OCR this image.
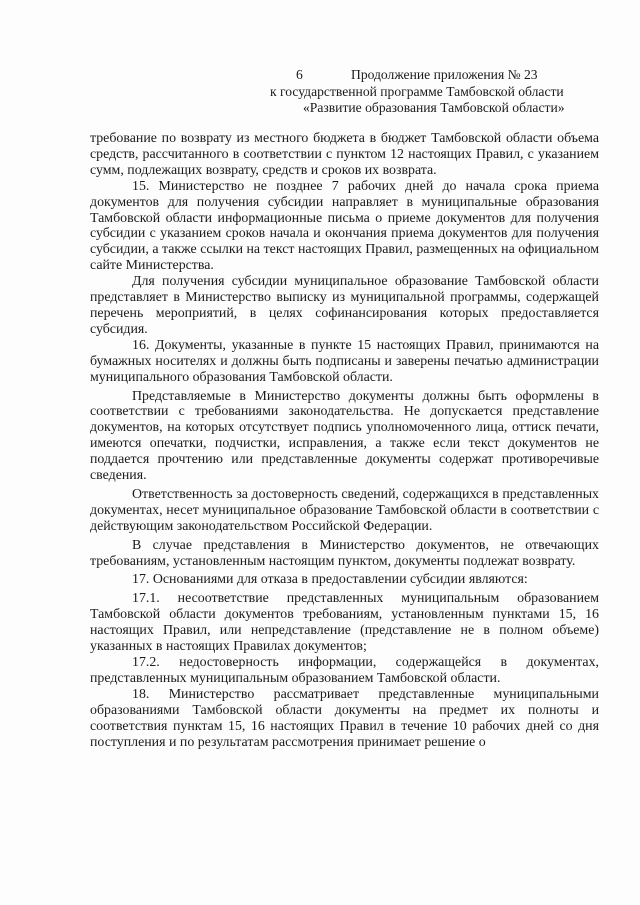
6	Продолжение приложения № 23
к государственной программе Тамбовской области
«Развитие образования Тамбовской области»

требование по возврату из местного бюджета в бюджет Тамбовской области объема средств, рассчитанного в соответствии с пунктом 12 настоящих Правил, с указанием сумм, подлежащих возврату, средств и сроков их возврата.

15. Министерство не позднее 7 рабочих дней до начала срока приема документов для получения субсидии направляет в муниципальные образования Тамбовской области информационные письма о приеме документов для получения субсидии с указанием сроков начала и окончания приема документов для получения субсидии, а также ссылки на текст настоящих Правил, размещенных на официальном сайте Министерства.

Для получения субсидии муниципальное образование Тамбовской области представляет в Министерство выписку из муниципальной программы, содержащей перечень мероприятий, в целях софинансирования которых предоставляется субсидия.

16. Документы, указанные в пункте 15 настоящих Правил, принимаются на бумажных носителях и должны быть подписаны и заверены печатью администрации муниципального образования Тамбовской области.

Представляемые в Министерство документы должны быть оформлены в соответствии с требованиями законодательства. Не допускается представление документов, на которых отсутствует подпись уполномоченного лица, оттиск печати, имеются опечатки, подчистки, исправления, а также если текст документов не поддается прочтению или представленные документы содержат противоречивые сведения.

Ответственность за достоверность сведений, содержащихся в представленных документах, несет муниципальное образование Тамбовской области в соответствии с действующим законодательством Российской Федерации.

В случае представления в Министерство документов, не отвечающих требованиям, установленным настоящим пунктом, документы подлежат возврату.

17. Основаниями для отказа в предоставлении субсидии являются:

17.1. несоответствие представленных муниципальным образованием Тамбовской области документов требованиям, установленным пунктами 15, 16 настоящих Правил, или непредставление (представление не в полном объеме) указанных в настоящих Правилах документов;

17.2. недостоверность информации, содержащейся в документах, представленных муниципальным образованием Тамбовской области.

18. Министерство рассматривает представленные муниципальными образованиями Тамбовской области документы на предмет их полноты и соответствия пунктам 15, 16 настоящих Правил в течение 10 рабочих дней со дня поступления и по результатам рассмотрения принимает решение о
